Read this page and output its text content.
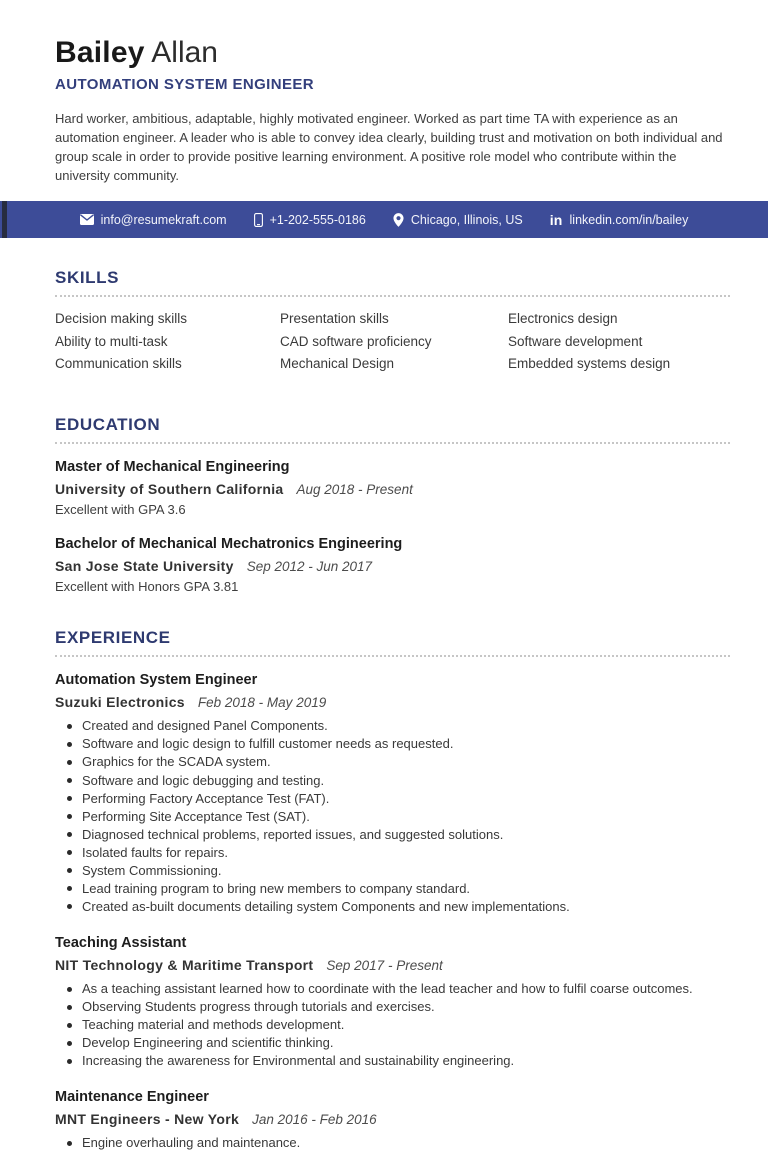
Bailey Allan
AUTOMATION SYSTEM ENGINEER
Hard worker, ambitious, adaptable, highly motivated engineer. Worked as part time TA with experience as an automation engineer. A leader who is able to convey idea clearly, building trust and motivation on both individual and group scale in order to provide positive learning environment. A positive role model who contribute within the university community.
info@resumekraft.com	+1-202-555-0186	Chicago, Illinois, US in linkedin.com/in/bailey
SKILLS
Decision making skills
Ability to multi-task
Communication skills
Presentation skills
CAD software proficiency
Mechanical Design
Electronics design
Software development
Embedded systems design
EDUCATION
Master of Mechanical Engineering
University of Southern California Aug 2018 - Present
Excellent with GPA 3.6
Bachelor of Mechanical Mechatronics Engineering
San Jose State University Sep 2012 - Jun 2017
Excellent with Honors GPA 3.81
EXPERIENCE
Automation System Engineer
Suzuki Electronics Feb 2018 - May 2019
Created and designed Panel Components.
Software and logic design to fulfill customer needs as requested.
Graphics for the SCADA system.
Software and logic debugging and testing.
Performing Factory Acceptance Test (FAT).
Performing Site Acceptance Test (SAT).
Diagnosed technical problems, reported issues, and suggested solutions.
Isolated faults for repairs.
System Commissioning.
Lead training program to bring new members to company standard.
Created as-built documents detailing system Components and new implementations.
Teaching Assistant
NIT Technology & Maritime Transport Sep 2017 - Present
As a teaching assistant learned how to coordinate with the lead teacher and how to fulfil coarse outcomes.
Observing Students progress through tutorials and exercises.
Teaching material and methods development.
Develop Engineering and scientific thinking.
Increasing the awareness for Environmental and sustainability engineering.
Maintenance Engineer
MNT Engineers - New York Jan 2016 - Feb 2016
Engine overhauling and maintenance.
